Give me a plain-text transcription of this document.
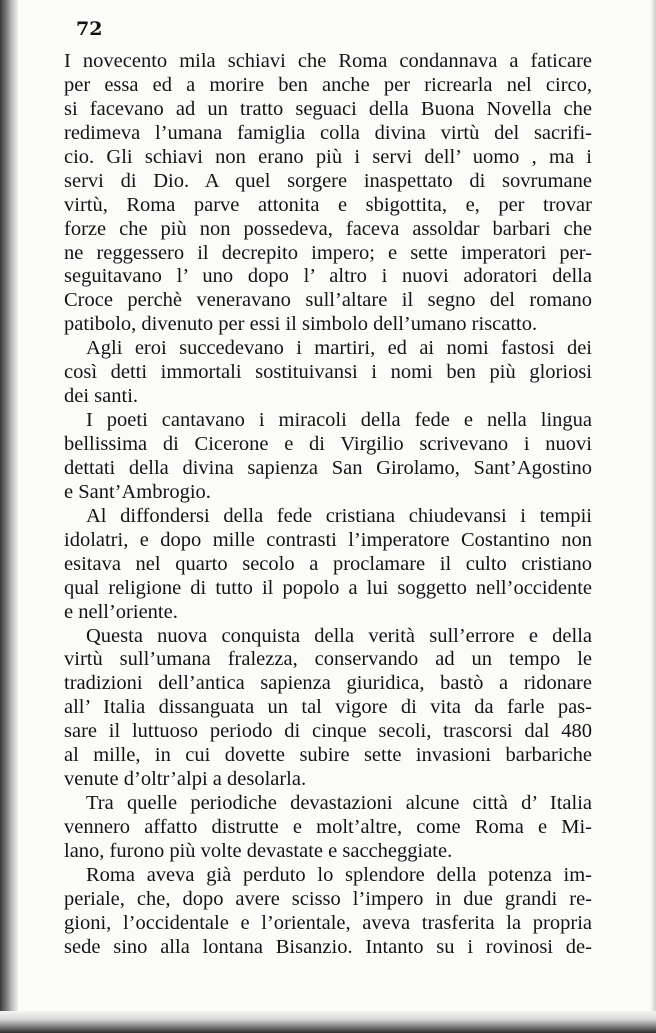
72
I novecento mila schiavi che Roma condannava a faticare
per essa ed a morire ben anche per ricrearla nel circo,
si facevano ad un tratto seguaci della Buona Novella che
redimeva l’umana famiglia colla divina virtù del sacrifi-
cio. Gli schiavi non erano più i servi dell’ uomo , ma i
servi di Dio. A quel sorgere inaspettato di sovrumane
virtù, Roma parve attonita e sbigottita, e, per trovar
forze che più non possedeva, faceva assoldar barbari che
ne reggessero il decrepito impero; e sette imperatori per-
seguitavano l’ uno dopo l’ altro i nuovi adoratori della
Croce perchè veneravano sull’altare il segno del romano
patibolo, divenuto per essi il simbolo dell’umano riscatto.
Agli eroi succedevano i martiri, ed ai nomi fastosi dei
così detti immortali sostituivansi i nomi ben più gloriosi
dei santi.
I poeti cantavano i miracoli della fede e nella lingua
bellissima di Cicerone e di Virgilio scrivevano i nuovi
dettati della divina sapienza San Girolamo, Sant’Agostino
e Sant’Ambrogio.
Al diffondersi della fede cristiana chiudevansi i tempii
idolatri, e dopo mille contrasti l’imperatore Costantino non
esitava nel quarto secolo a proclamare il culto cristiano
qual religione di tutto il popolo a lui soggetto nell’occidente
e nell’oriente.
Questa nuova conquista della verità sull’errore e della
virtù sull’umana fralezza, conservando ad un tempo le
tradizioni dell’antica sapienza giuridica, bastò a ridonare
all’ Italia dissanguata un tal vigore di vita da farle pas-
sare il luttuoso periodo di cinque secoli, trascorsi dal 480
al mille, in cui dovette subire sette invasioni barbariche
venute d’oltr’alpi a desolarla.
Tra quelle periodiche devastazioni alcune città d’ Italia
vennero affatto distrutte e molt’altre, come Roma e Mi-
lano, furono più volte devastate e saccheggiate.
Roma aveva già perduto lo splendore della potenza im-
periale, che, dopo avere scisso l’impero in due grandi re-
gioni, l’occidentale e l’orientale, aveva trasferita la propria
sede sino alla lontana Bisanzio. Intanto su i rovinosi de-
